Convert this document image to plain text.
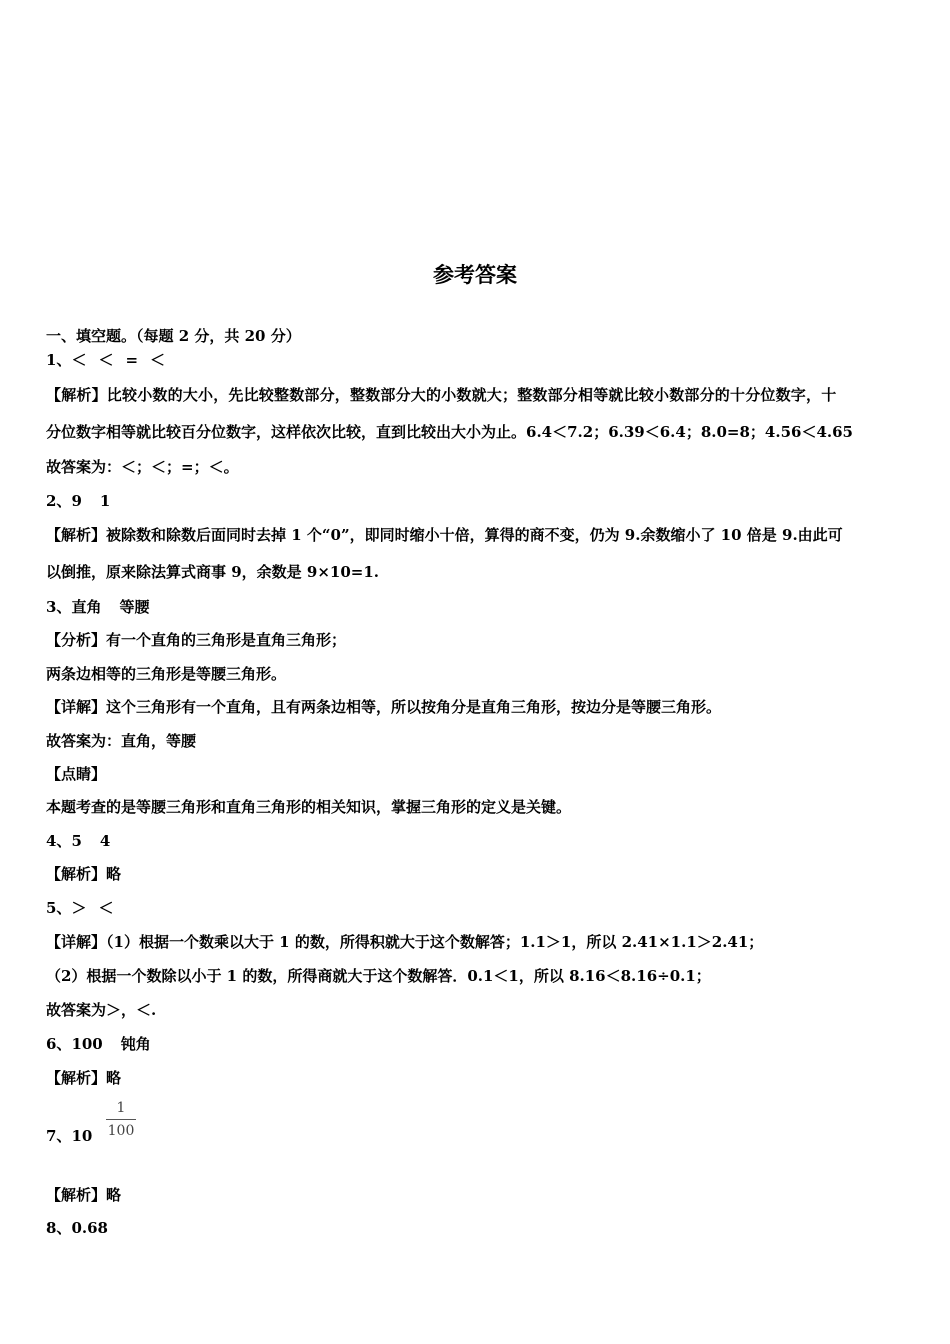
参考答案
一、填空题。（每题 2 分，共 20 分）
1、＜ ＜ = ＜
【解析】比较小数的大小，先比较整数部分，整数部分大的小数就大；整数部分相等就比较小数部分的十分位数字，十
分位数字相等就比较百分位数字，这样依次比较，直到比较出大小为止。6.4＜7.2；6.39＜6.4；8.0=8；4.56＜4.65
故答案为：＜；＜；=；＜。
2、9 1
【解析】被除数和除数后面同时去掉 1 个“0”，即同时缩小十倍，算得的商不变，仍为 9.余数缩小了 10 倍是 9.由此可
以倒推，原来除法算式商事 9，余数是 9×10=1.
3、直角 等腰
【分析】有一个直角的三角形是直角三角形；
两条边相等的三角形是等腰三角形。
【详解】这个三角形有一个直角，且有两条边相等，所以按角分是直角三角形，按边分是等腰三角形。
故答案为：直角，等腰
【点睛】
本题考查的是等腰三角形和直角三角形的相关知识，掌握三角形的定义是关键。
4、5 4
【解析】略
5、＞ ＜
【详解】（1）根据一个数乘以大于 1 的数，所得积就大于这个数解答；1.1＞1，所以 2.41×1.1＞2.41；
（2）根据一个数除以小于 1 的数，所得商就大于这个数解答．0.1＜1，所以 8.16＜8.16÷0.1；
故答案为＞，＜.
6、100 钝角
【解析】略
7、10
1
100
【解析】略
8、0.68
